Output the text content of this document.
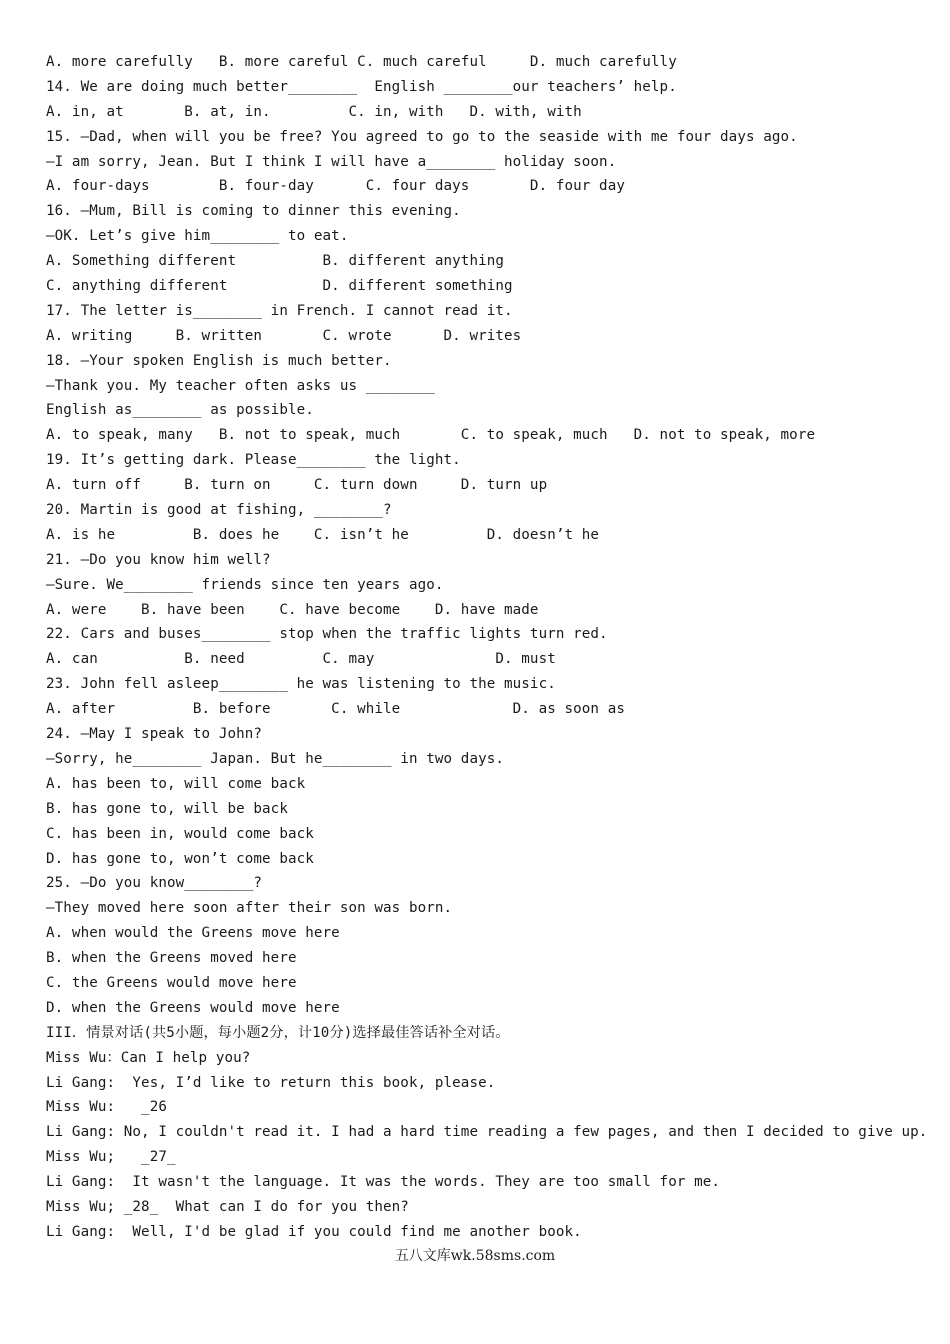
A. more carefully   B. more careful C. much careful     D. much carefully
14. We are doing much better________  English ________our teachers’ help.
A. in, at       B. at, in.         C. in, with   D. with, with
15. —Dad, when will you be free? You agreed to go to the seaside with me four days ago.
—I am sorry, Jean. But I think I will have a________ holiday soon.
A. four-days        B. four-day      C. four days       D. four day
16. —Mum, Bill is coming to dinner this evening.
—OK. Let’s give him________ to eat.
A. Something different          B. different anything
C. anything different           D. different something
17. The letter is________ in French. I cannot read it.
A. writing     B. written       C. wrote      D. writes
18. —Your spoken English is much better.
—Thank you. My teacher often asks us ________
English as________ as possible.
A. to speak, many   B. not to speak, much       C. to speak, much   D. not to speak, more
19. It’s getting dark. Please________ the light.
A. turn off     B. turn on     C. turn down     D. turn up
20. Martin is good at fishing, ________?
A. is he         B. does he    C. isn’t he         D. doesn’t he
21. —Do you know him well?
—Sure. We________ friends since ten years ago.
A. were    B. have been    C. have become    D. have made
22. Cars and buses________ stop when the traffic lights turn red.
A. can          B. need         C. may              D. must
23. John fell asleep________ he was listening to the music.
A. after         B. before       C. while             D. as soon as
24. —May I speak to John?
—Sorry, he________ Japan. But he________ in two days.
A. has been to, will come back
B. has gone to, will be back
C. has been in, would come back
D. has gone to, won’t come back
25. —Do you know________?
—They moved here soon after their son was born.
A. when would the Greens move here
B. when the Greens moved here
C. the Greens would move here
D. when the Greens would move here
III．情景对话(共5小题，每小题2分，计10分)选择最佳答话补全对话。
Miss Wu：Can I help you?
Li Gang:  Yes, I’d like to return this book, please.
Miss Wu:   _26
Li Gang: No, I couldn't read it. I had a hard time reading a few pages, and then I decided to give up.
Miss Wu;   _27_
Li Gang:  It wasn't the language. It was the words. They are too small for me.
Miss Wu; _28_  What can I do for you then?
Li Gang:  Well, I'd be glad if you could find me another book.
五八文库wk.58sms.com
